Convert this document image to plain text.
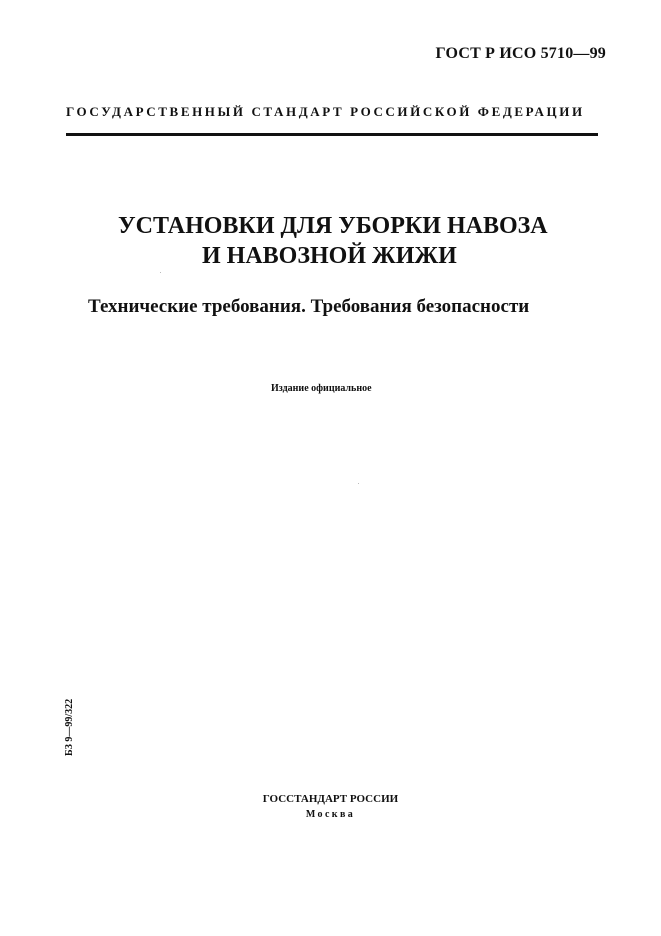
ГОСТ Р ИСО 5710—99
ГОСУДАРСТВЕННЫЙ СТАНДАРТ РОССИЙСКОЙ ФЕДЕРАЦИИ
УСТАНОВКИ ДЛЯ УБОРКИ НАВОЗА
И НАВОЗНОЙ ЖИЖИ
Технические требования. Требования безопасности
Издание официальное
БЗ 9—99/322
ГОССТАНДАРТ РОССИИ
Москва
